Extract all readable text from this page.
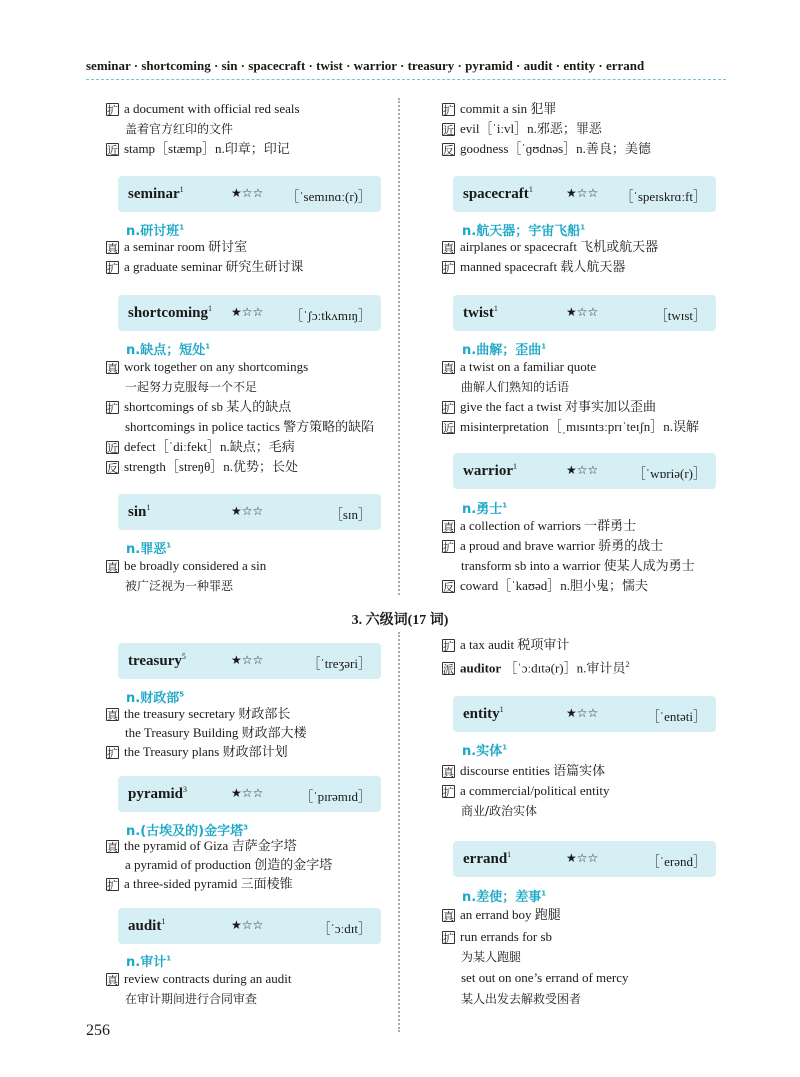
seminar · shortcoming · sin · spacecraft · twist · warrior · treasury · pyramid · audit · entity · errand
扩 a document with official red seals
盖着官方红印的文件
近 stamp［stæmp］n.印章；印记
seminar$^1$	★☆☆ ［ˈsemɪnɑː(r)］
n.研讨班$^1$
真 a seminar room 研讨室
扩 a graduate seminar 研究生研讨课
shortcoming$^1$ ★☆☆ ［ˈʃɔːtkʌmɪŋ］
n.缺点；短处$^1$
真 work together on any shortcomings
一起努力克服每一个不足
扩 shortcomings of sb 某人的缺点
shortcomings in police tactics 警方策略的缺陷
近 defect［ˈdiːfekt］n.缺点；毛病
反 strength［streŋθ］n.优势；长处
$\sin^1$	★☆☆	［sɪn］
n.罪恶$^1$
真 be broadly considered a sin
被广泛视为一种罪恶
扩 commit a sin 犯罪
近 evil［ˈiːvl］n.邪恶；罪恶
反 goodness［ˈɡʊdnəs］n.善良；美德
spacecraft$^1$	★☆☆ ［ˈspeɪskrɑːft］
n.航天器；宇宙飞船$^1$
真 airplanes or spacecraft 飞机或航天器
扩 manned spacecraft 载人航天器
twist$^1$	★☆☆	［twɪst］
n.曲解；歪曲$^1$
真 a twist on a familiar quote
曲解人们熟知的话语
扩 give the fact a twist 对事实加以歪曲
近 misinterpretation［ˌmɪsɪntɜːprɪˈteɪʃn］n.误解
warrior$^1$	★☆☆	［ˈwɒriə(r)］
n.勇士$^1$
真 a collection of warriors 一群勇士
扩 a proud and brave warrior 骄勇的战士
transform sb into a warrior 使某人成为勇士
反 coward［ˈkaʊəd］n.胆小鬼；懦夫
3. 六级词(17 词)
treasury$^5$	★☆☆	［ˈtreʒəri］
n.财政部$^5$
真 the treasury secretary 财政部长
the Treasury Building 财政部大楼
扩 the Treasury plans 财政部计划
pyramid$^3$	★☆☆	［ˈpɪrəmɪd］
n.(古埃及的)金字塔$^3$
真 the pyramid of Giza 吉萨金字塔
a pyramid of production 创造的金字塔
扩 a three-sided pyramid 三面棱锥
audit$^1$	★☆☆	［ˈɔːdɪt］
n.审计$^1$
真 review contracts during an audit
在审计期间进行合同审查
扩 a tax audit 税项审计
派 auditor ［ˈɔːdɪtə(r)］n.审计员$^2$
entity$^1$	★☆☆	［ˈentəti］
n.实体$^1$
真 discourse entities 语篇实体
扩 a commercial/political entity
商业/政治实体
errand$^1$	★☆☆	［ˈerənd］
n.差使；差事$^1$
真 an errand boy 跑腿
扩 run errands for sb
为某人跑腿
set out on one’s errand of mercy
某人出发去解救受困者
256
